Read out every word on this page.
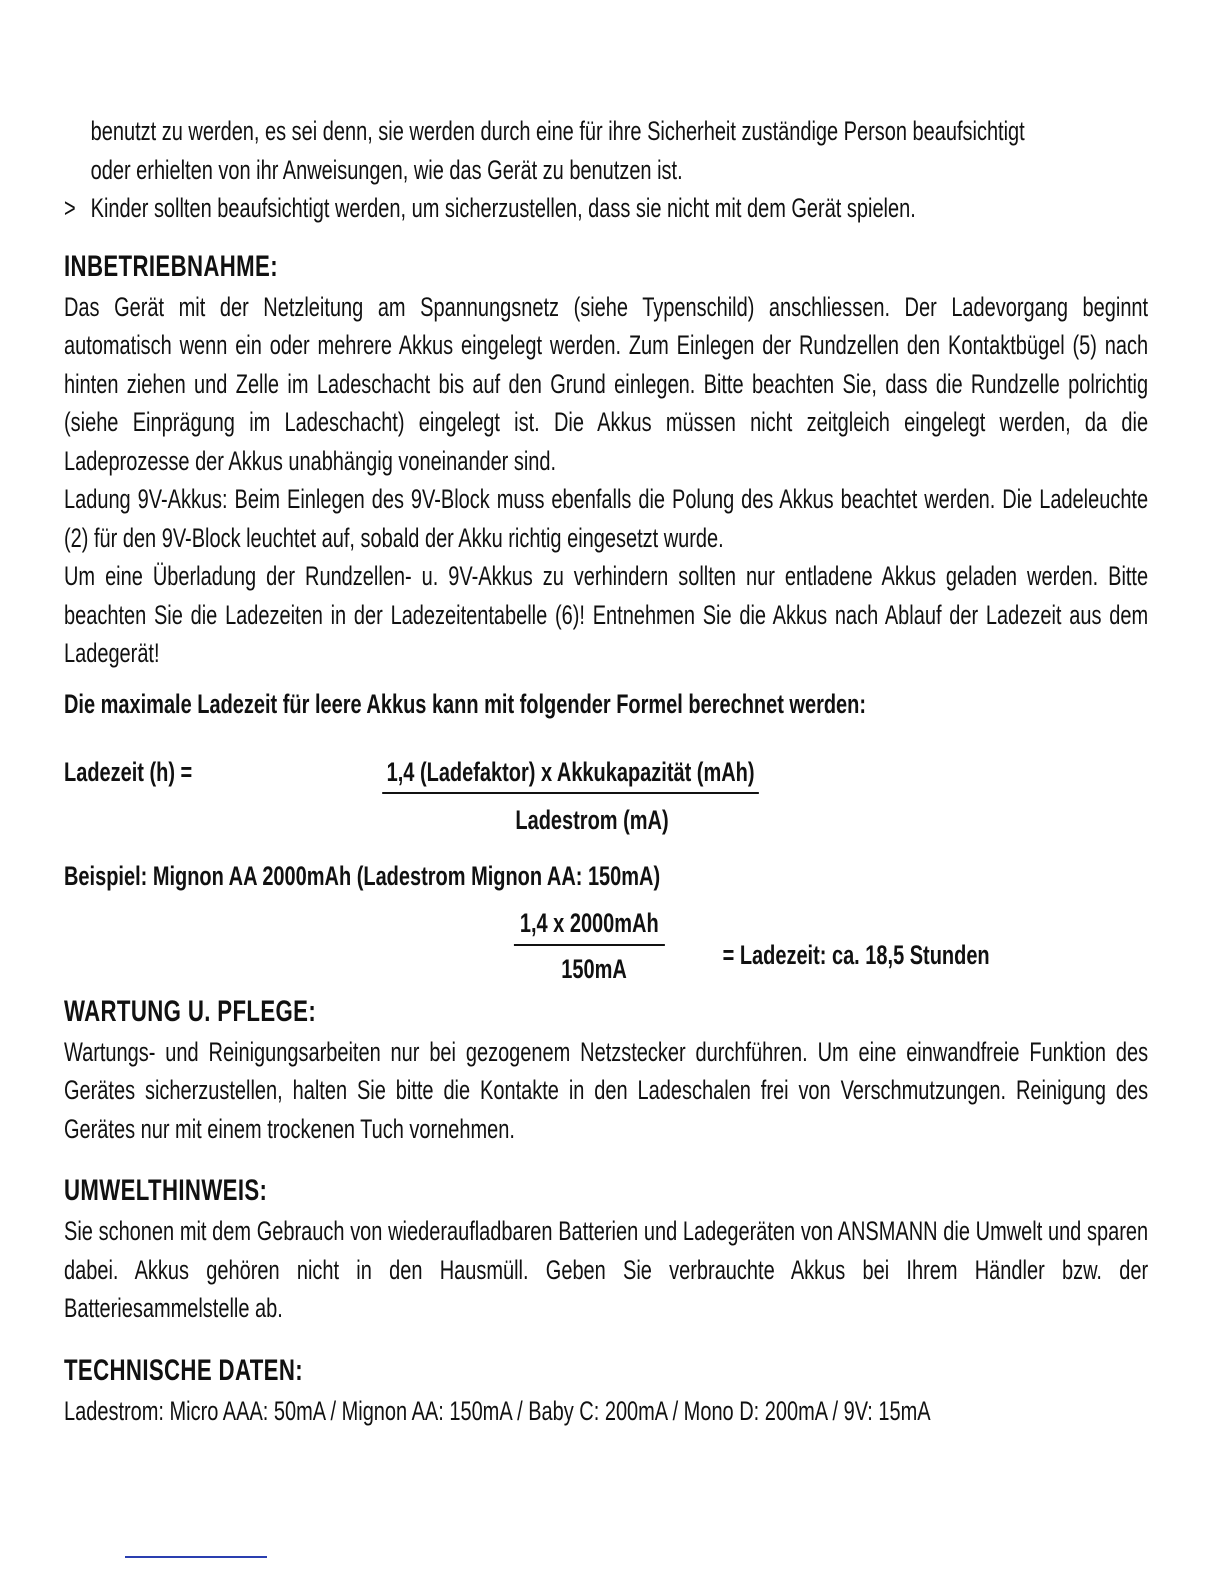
benutzt zu werden, es sei denn, sie werden durch eine für ihre Sicherheit zuständige Person beaufsichtigt

oder erhielten von ihr Anweisungen, wie das Gerät zu benutzen ist.

> Kinder sollten beaufsichtigt werden, um sicherzustellen, dass sie nicht mit dem Gerät spielen.
INBETRIEBNAHME:

Das Gerät mit der Netzleitung am Spannungsnetz (siehe Typenschild) anschliessen. Der Ladevorgang beginnt automatisch wenn ein oder mehrere Akkus eingelegt werden. Zum Einlegen der Rundzellen den Kontaktbügel (5) nach hinten ziehen und Zelle im Ladeschacht bis auf den Grund einlegen. Bitte beachten Sie, dass die Rundzelle polrichtig (siehe Einprägung im Ladeschacht) eingelegt ist. Die Akkus müssen nicht zeitgleich eingelegt werden, da die Ladeprozesse der Akkus unabhängig voneinander sind.

Ladung 9V-Akkus: Beim Einlegen des 9V-Block muss ebenfalls die Polung des Akkus beachtet werden. Die Ladeleuchte (2) für den 9V-Block leuchtet auf, sobald der Akku richtig eingesetzt wurde.

Um eine Überladung der Rundzellen- u. 9V-Akkus zu verhindern sollten nur entladene Akkus geladen werden. Bitte beachten Sie die Ladezeiten in der Ladezeitentabelle (6)! Entnehmen Sie die Akkus nach Ablauf der Ladezeit aus dem Ladegerät!

Die maximale Ladezeit für leere Akkus kann mit folgender Formel berechnet werden:

Ladezeit (h) =	1,4 (Ladefaktor) x Akkukapazität (mAh)
Ladestrom (mA)

Beispiel: Mignon AA 2000mAh (Ladestrom Mignon AA: 150mA)

1,4 x 2000mAh
150mA	= Ladezeit: ca. 18,5 Stunden
WARTUNG U. PFLEGE:

Wartungs- und Reinigungsarbeiten nur bei gezogenem Netzstecker durchführen. Um eine einwandfreie Funktion des Gerätes sicherzustellen, halten Sie bitte die Kontakte in den Ladeschalen frei von Verschmutzungen. Reinigung des Gerätes nur mit einem trockenen Tuch vornehmen.

UMWELTHINWEIS:

Sie schonen mit dem Gebrauch von wiederaufladbaren Batterien und Ladegeräten von ANSMANN die Umwelt und sparen dabei. Akkus gehören nicht in den Hausmüll. Geben Sie verbrauchte Akkus bei Ihrem Händler bzw. der Batteriesammelstelle ab.

TECHNISCHE DATEN:

Ladestrom: Micro AAA: 50mA / Mignon AA: 150mA / Baby C: 200mA / Mono D: 200mA / 9V: 15mA
